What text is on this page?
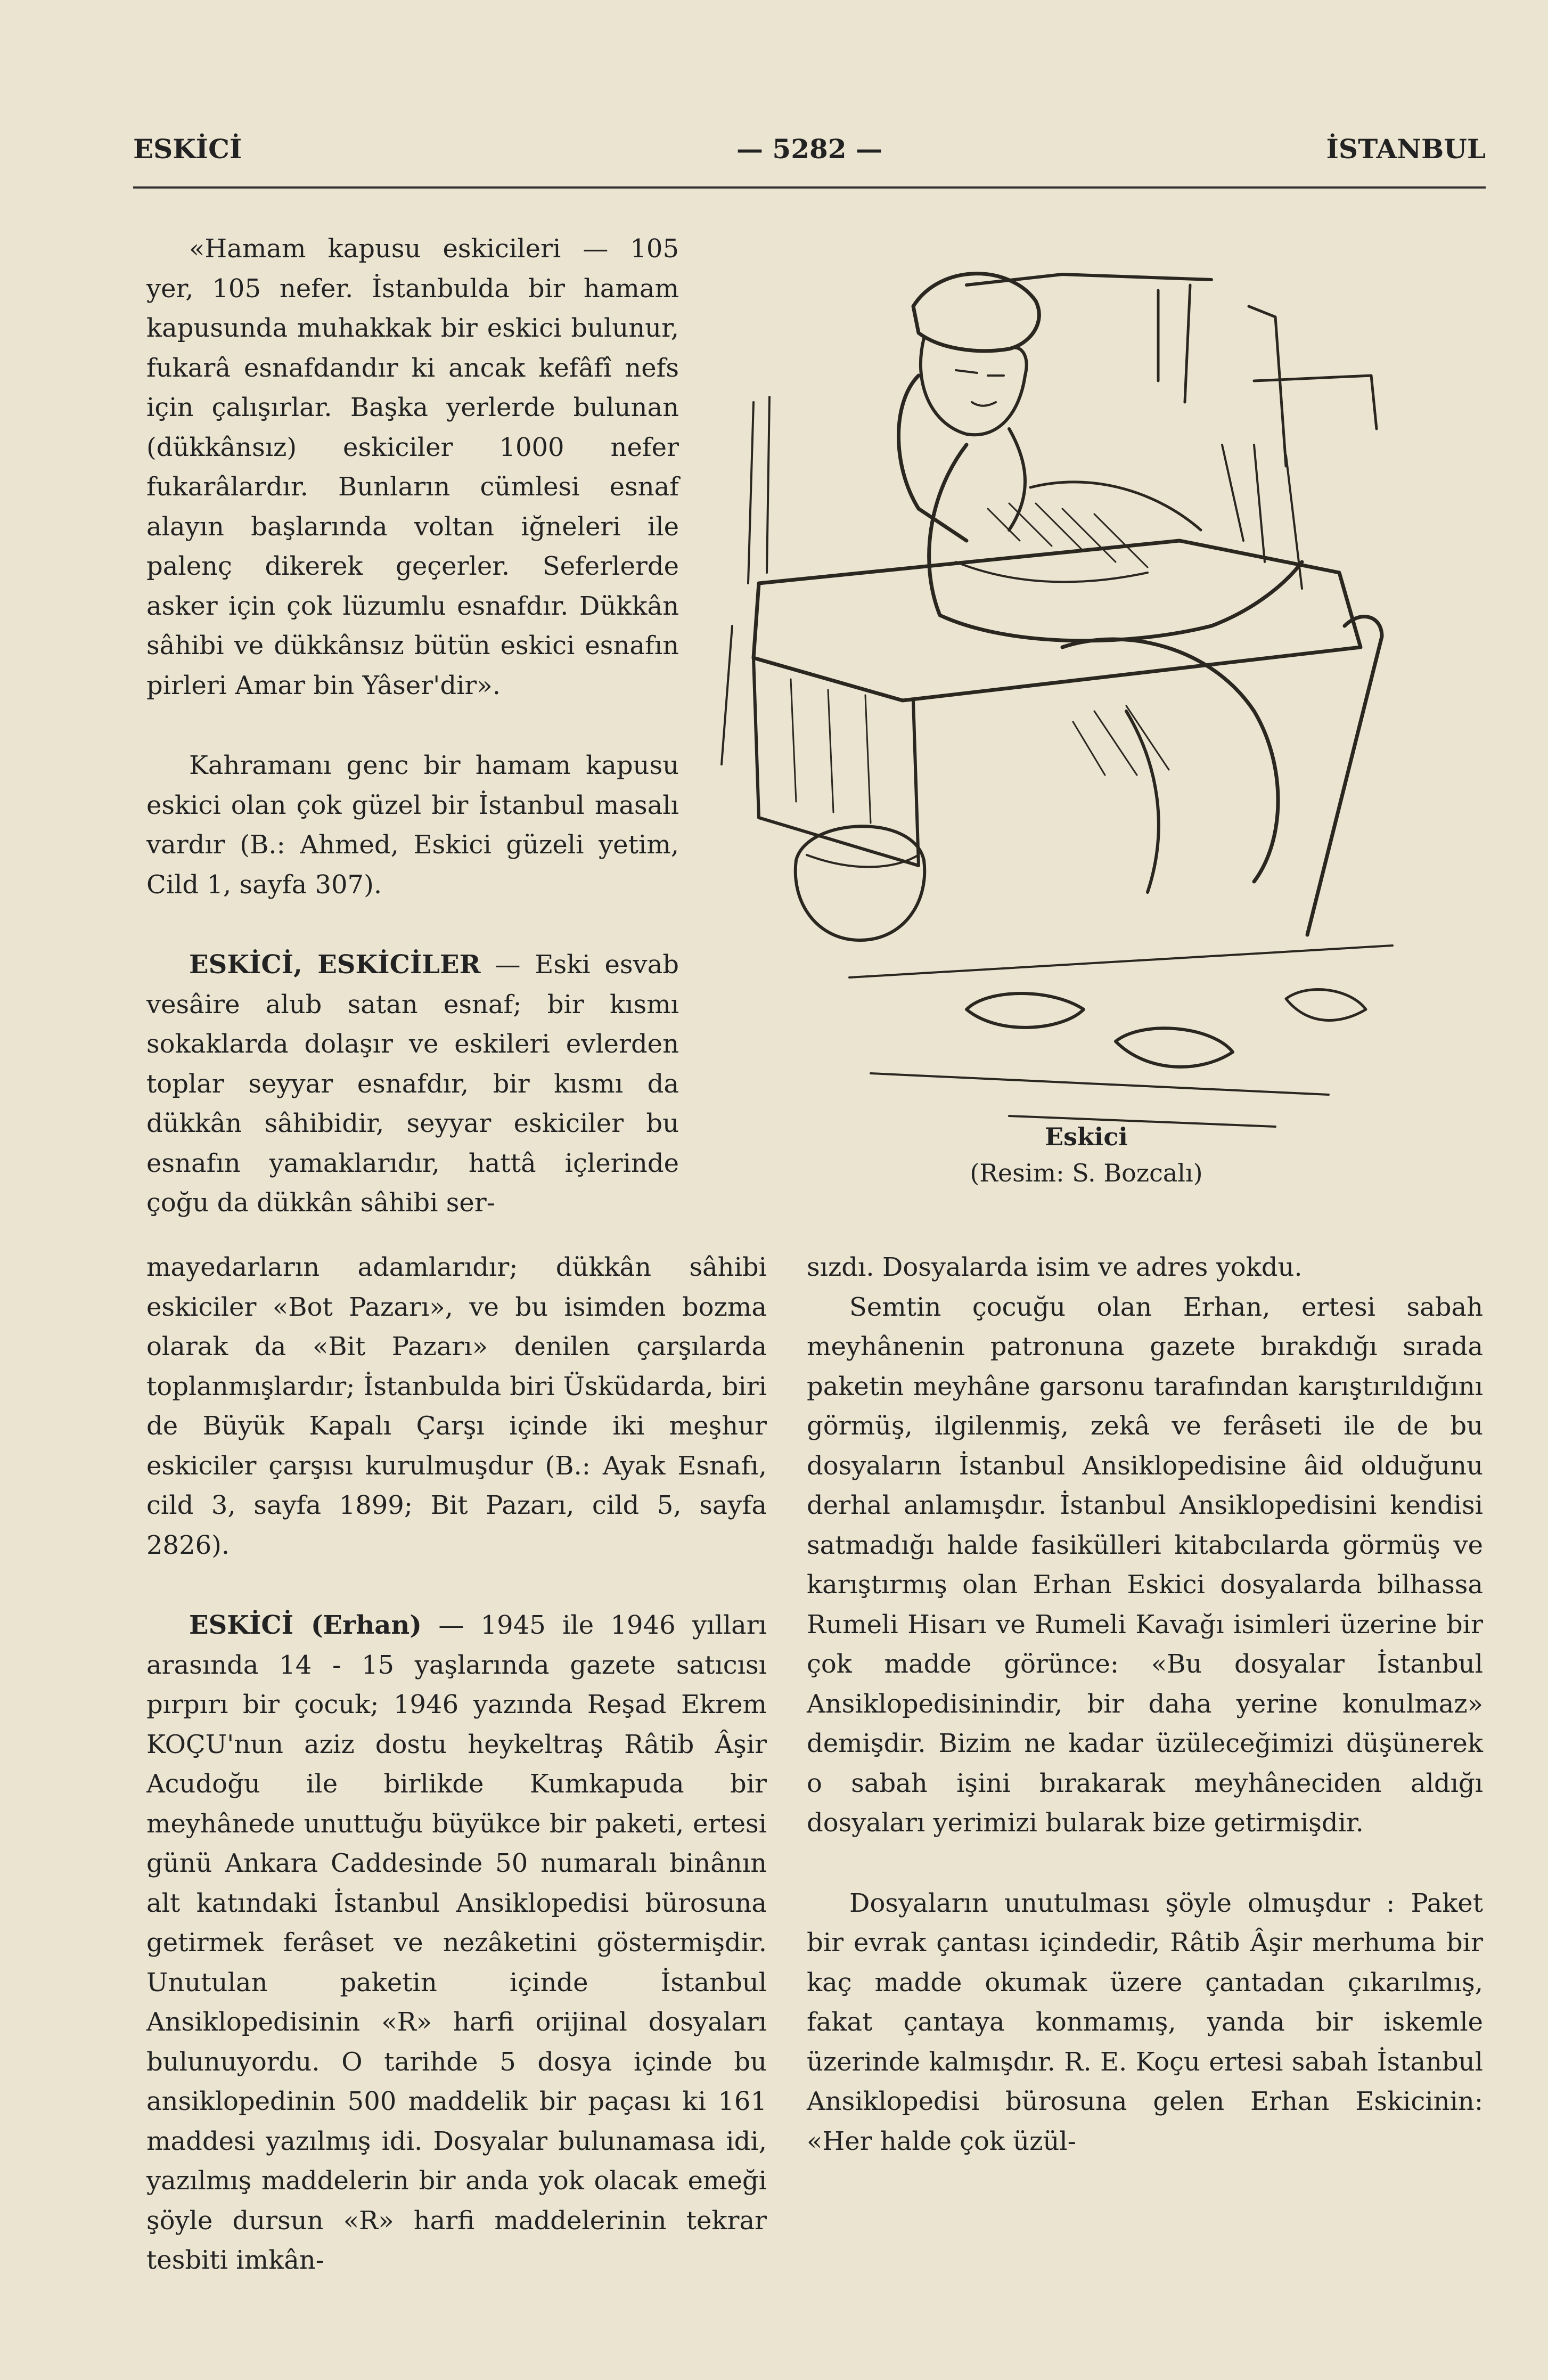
ESKİCİ	— 5282 —	İSTANBUL

«Hamam kapusu eskicileri — 105 yer, 105 nefer. İstanbulda bir hamam kapusunda muhakkak bir eskici bulunur, fukarâ esnafdandır ki ancak kefâfî nefs için çalışırlar. Başka yerlerde bulunan (dükkânsız) eskiciler 1000 nefer fukarâlardır. Bunların cümlesi esnaf alayın başlarında voltan iğneleri ile palenç dikerek geçerler. Seferlerde asker için çok lüzumlu esnafdır. Dükkân sâhibi ve dükkânsız bütün eskici esnafın pirleri Amar bin Yâser'dir».

Kahramanı genc bir hamam kapusu eskici olan çok güzel bir İstanbul masalı vardır (B.: Ahmed, Eskici güzeli yetim, Cild 1, sayfa 307).

ESKİCİ, ESKİCİLER — Eski esvab vesâire alub satan esnaf; bir kısmı sokaklarda dolaşır ve eskileri evlerden toplar seyyar esnafdır, bir kısmı da dükkân sâhibidir, seyyar eskiciler bu esnafın yamaklarıdır, hattâ içlerinde çoğu da dükkân sâhibi ser-

Eskici
(Resim: S. Bozcalı)

mayedarların adamlarıdır; dükkân sâhibi eskiciler «Bot Pazarı», ve bu isimden bozma olarak da «Bit Pazarı» denilen çarşılarda toplanmışlardır; İstanbulda biri Üsküdarda, biri de Büyük Kapalı Çarşı içinde iki meşhur eskiciler çarşısı kurulmuşdur (B.: Ayak Esnafı, cild 3, sayfa 1899; Bit Pazarı, cild 5, sayfa 2826).

ESKİCİ (Erhan) — 1945 ile 1946 yılları arasında 14 - 15 yaşlarında gazete satıcısı pırpırı bir çocuk; 1946 yazında Reşad Ekrem KOÇU'nun aziz dostu heykeltraş Râtib Âşir Acudoğu ile birlikde Kumkapuda bir meyhânede unuttuğu büyükce bir paketi, ertesi günü Ankara Caddesinde 50 numaralı binânın alt katındaki İstanbul Ansiklopedisi bürosuna getirmek ferâset ve nezâketini göstermişdir. Unutulan paketin içinde İstanbul Ansiklopedisinin «R» harfi orijinal dosyaları bulunuyordu. O tarihde 5 dosya içinde bu ansiklopedinin 500 maddelik bir paçası ki 161 maddesi yazılmış idi. Dosyalar bulunamasa idi, yazılmış maddelerin bir anda yok olacak emeği şöyle dursun «R» harfi maddelerinin tekrar tesbiti imkân-

sızdı. Dosyalarda isim ve adres yokdu.

Semtin çocuğu olan Erhan, ertesi sabah meyhânenin patronuna gazete bırakdığı sırada paketin meyhâne garsonu tarafından karıştırıldığını görmüş, ilgilenmiş, zekâ ve ferâseti ile de bu dosyaların İstanbul Ansiklopedisine âid olduğunu derhal anlamışdır. İstanbul Ansiklopedisini kendisi satmadığı halde fasikülleri kitabcılarda görmüş ve karıştırmış olan Erhan Eskici dosyalarda bilhassa Rumeli Hisarı ve Rumeli Kavağı isimleri üzerine bir çok madde görünce: «Bu dosyalar İstanbul Ansiklopedisinindir, bir daha yerine konulmaz» demişdir. Bizim ne kadar üzüleceğimizi düşünerek o sabah işini bırakarak meyhâneciden aldığı dosyaları yerimizi bularak bize getirmişdir.

Dosyaların unutulması şöyle olmuşdur : Paket bir evrak çantası içindedir, Râtib Âşir merhuma bir kaç madde okumak üzere çantadan çıkarılmış, fakat çantaya konmamış, yanda bir iskemle üzerinde kalmışdır. R. E. Koçu ertesi sabah İstanbul Ansiklopedisi bürosuna gelen Erhan Eskicinin: «Her halde çok üzül-
